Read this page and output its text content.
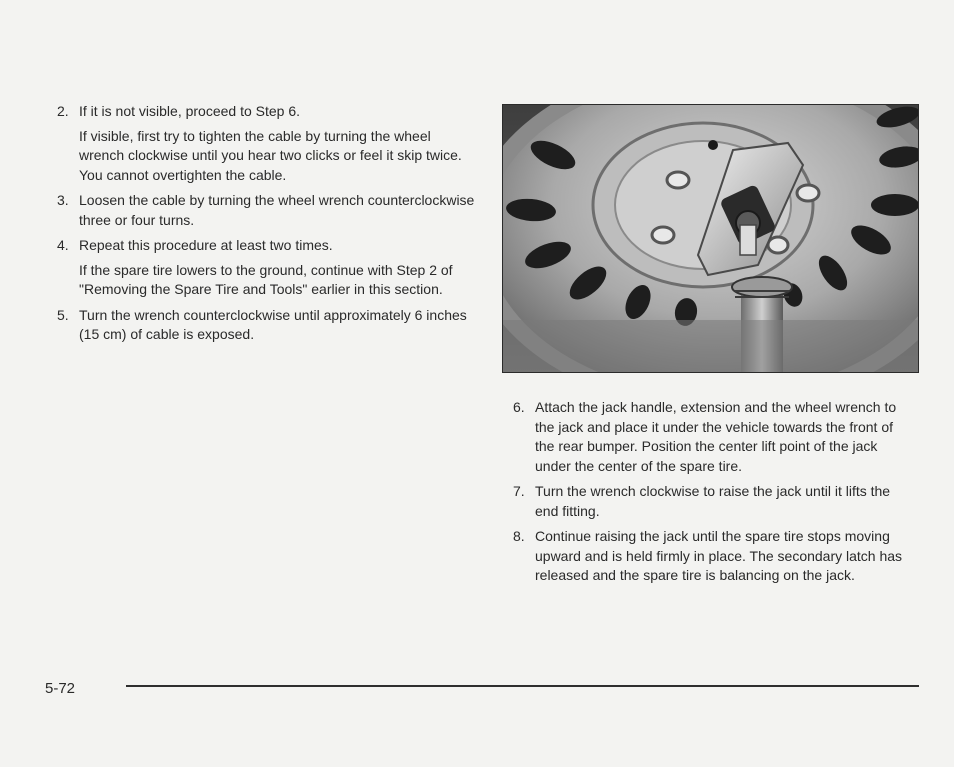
2. If it is not visible, proceed to Step 6.
If visible, first try to tighten the cable by turning the wheel wrench clockwise until you hear two clicks or feel it skip twice. You cannot overtighten the cable.
3. Loosen the cable by turning the wheel wrench counterclockwise three or four turns.
4. Repeat this procedure at least two times.
If the spare tire lowers to the ground, continue with Step 2 of "Removing the Spare Tire and Tools" earlier in this section.
5. Turn the wrench counterclockwise until approximately 6 inches (15 cm) of cable is exposed.
6. Attach the jack handle, extension and the wheel wrench to the jack and place it under the vehicle towards the front of the rear bumper. Position the center lift point of the jack under the center of the spare tire.
7. Turn the wrench clockwise to raise the jack until it lifts the end fitting.
8. Continue raising the jack until the spare tire stops moving upward and is held firmly in place. The secondary latch has released and the spare tire is balancing on the jack.
5-72
